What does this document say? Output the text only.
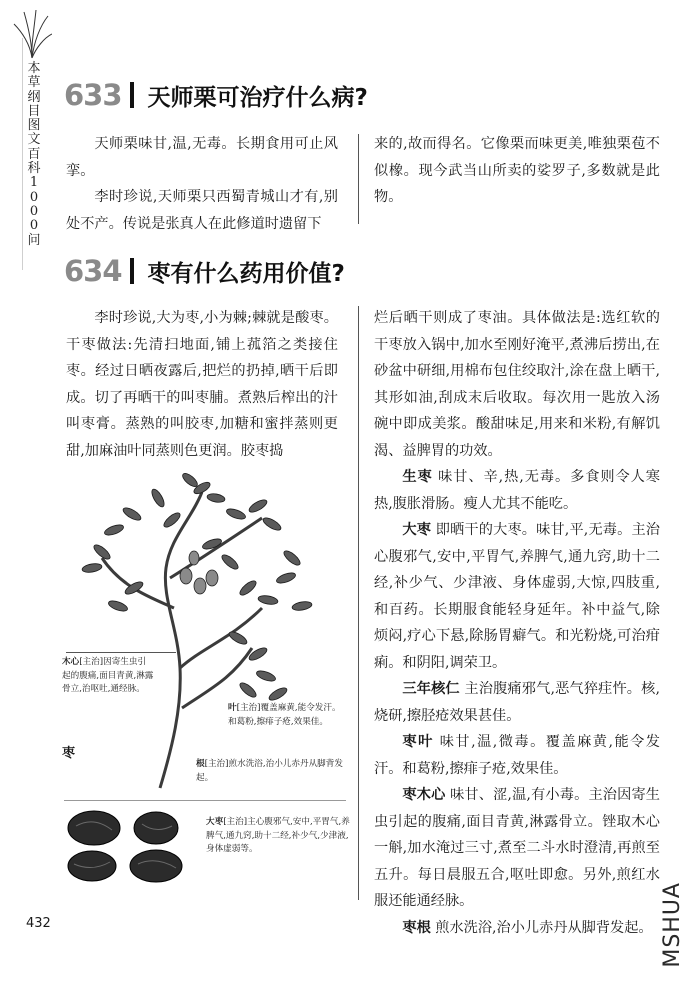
本草纲目图文百科1000问
633 天师栗可治疗什么病?

天师栗味甘,温,无毒。长期食用可止风挛。

李时珍说,天师栗只西蜀青城山才有,别处不产。传说是张真人在此修道时遗留下

来的,故而得名。它像栗而味更美,唯独栗苞不似橡。现今武当山所卖的娑罗子,多数就是此物。

634 枣有什么药用价值?

李时珍说,大为枣,小为棘;棘就是酸枣。干枣做法:先清扫地面,铺上菰箔之类接住枣。经过日晒夜露后,把烂的扔掉,晒干后即成。切了再晒干的叫枣脯。煮熟后榨出的汁叫枣膏。蒸熟的叫胶枣,加糖和蜜拌蒸则更甜,加麻油叶同蒸则色更润。胶枣捣

烂后晒干则成了枣油。具体做法是:选红软的干枣放入锅中,加水至刚好淹平,煮沸后捞出,在砂盆中研细,用棉布包住绞取汁,涂在盘上晒干,其形如油,刮成末后收取。每次用一匙放入汤碗中即成美浆。酸甜味足,用来和米粉,有解饥渴、益脾胃的功效。

生枣 味甘、辛,热,无毒。多食则令人寒热,腹胀滑肠。瘦人尤其不能吃。

大枣 即晒干的大枣。味甘,平,无毒。主治心腹邪气,安中,平胃气,养脾气,通九窍,助十二经,补少气、少津液、身体虚弱,大惊,四肢重,和百药。长期服食能轻身延年。补中益气,除烦闷,疗心下悬,除肠胃癖气。和光粉烧,可治疳痢。和阴阳,调荣卫。

三年核仁 主治腹痛邪气,恶气猝疰忤。核,烧研,擦胫疮效果甚佳。

枣叶 味甘,温,微毒。覆盖麻黄,能令发汗。和葛粉,擦痱子疮,效果佳。

枣木心 味甘、涩,温,有小毒。主治因寄生虫引起的腹痛,面目青黄,淋露骨立。锉取木心一斛,加水淹过三寸,煮至二斗水时澄清,再煎至五升。每日晨服五合,呕吐即愈。另外,煎红水服还能通经脉。

枣根 煎水洗浴,治小儿赤丹从脚背发起。

木心[主治]因寄生虫引起的腹痛,面目青黄,淋露骨立,治呕吐,通经脉。
叶[主治]覆盖麻黄,能令发汗。和葛粉,擦痱子疮,效果佳。
根[主治]煎水洗浴,治小儿赤丹从脚背发起。
枣
大枣[主治]主心腹邪气,安中,平胃气,养脾气,通九窍,助十二经,补少气,少津液,身体虚弱等。
432	MSHUA
